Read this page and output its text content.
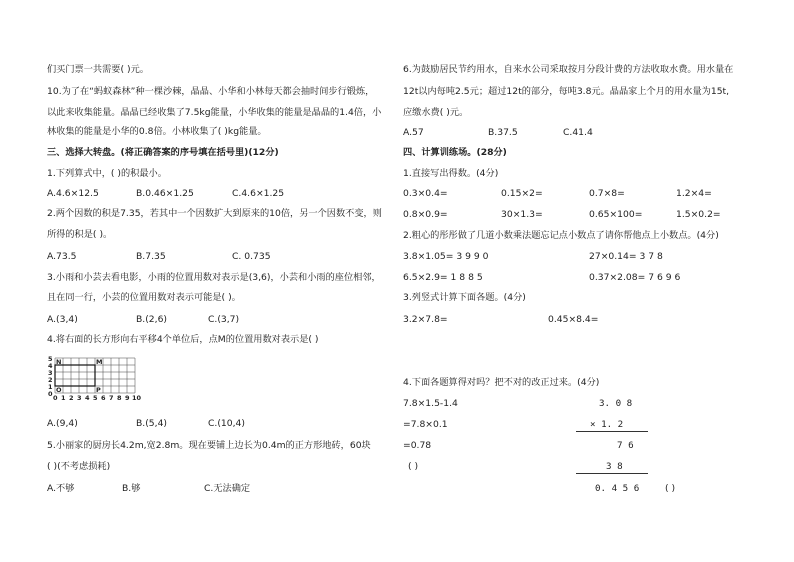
们买门票一共需要( )元。
10.为了在“蚂蚁森林”种一棵沙棘，晶晶、小华和小林每天都会抽时间步行锻炼，
以此来收集能量。晶晶已经收集了7.5kg能量，小华收集的能量是晶晶的1.4倍，小
林收集的能量是小华的0.8倍。小林收集了( )kg能量。
三、选择大转盘。(将正确答案的序号填在括号里)(12分)
1.下列算式中，( )的积最小。
A.4.6×12.5	B.0.46×1.25	C.4.6×1.25
2.两个因数的积是7.35，若其中一个因数扩大到原来的10倍，另一个因数不变，则
所得的积是( )。
A.73.5	B.7.35	C. 0.735
3.小雨和小芸去看电影，小雨的位置用数对表示是(3,6)，小芸和小雨的座位相邻，
且在同一行，小芸的位置用数对表示可能是( )。
A.(3,4)	B.(2,6)	C.(3,7)
4.将右面的长方形向右平移4个单位后，点M的位置用数对表示是( )
5
4
3
2
1
0 0 1 2 3 4 5 6 7 8 9 10
N	M
O	P
A.(9,4)	B.(5,4)	C.(10,4)
5.小丽家的厨房长4.2m,宽2.8m。现在要铺上边长为0.4m的正方形地砖，60块
( )(不考虑损耗)
A.不够	B.够	C.无法确定
6.为鼓励居民节约用水，自来水公司采取按月分段计费的方法收取水费。用水量在
12t以内每吨2.5元；超过12t的部分，每吨3.8元。晶晶家上个月的用水量为15t,
应缴水费( )元。
A.57	B.37.5	C.41.4
四、计算训练场。(28分)
1.直接写出得数。(4分)
0.3×0.4=	0.15×2=	0.7×8=	1.2×4=
0.8×0.9=	30×1.3=	0.65×100=	1.5×0.2=
2.粗心的彤彤做了几道小数乘法题忘记点小数点了请你帮他点上小数点。(4分)
3.8×1.05= 3 9 9 0	27×0.14= 3 7 8
6.5×2.9= 1 8 8 5	0.37×2.08= 7 6 9 6
3.列竖式计算下面各题。(4分)
3.2×7.8=	0.45×8.4=
4.下面各题算得对吗？把不对的改正过来。(4分)
7.8×1.5-1.4
=7.8×0.1
=0.78
( )
3. 0 8
× 1. 2
7 6
3 8
0. 4 5 6	( )
